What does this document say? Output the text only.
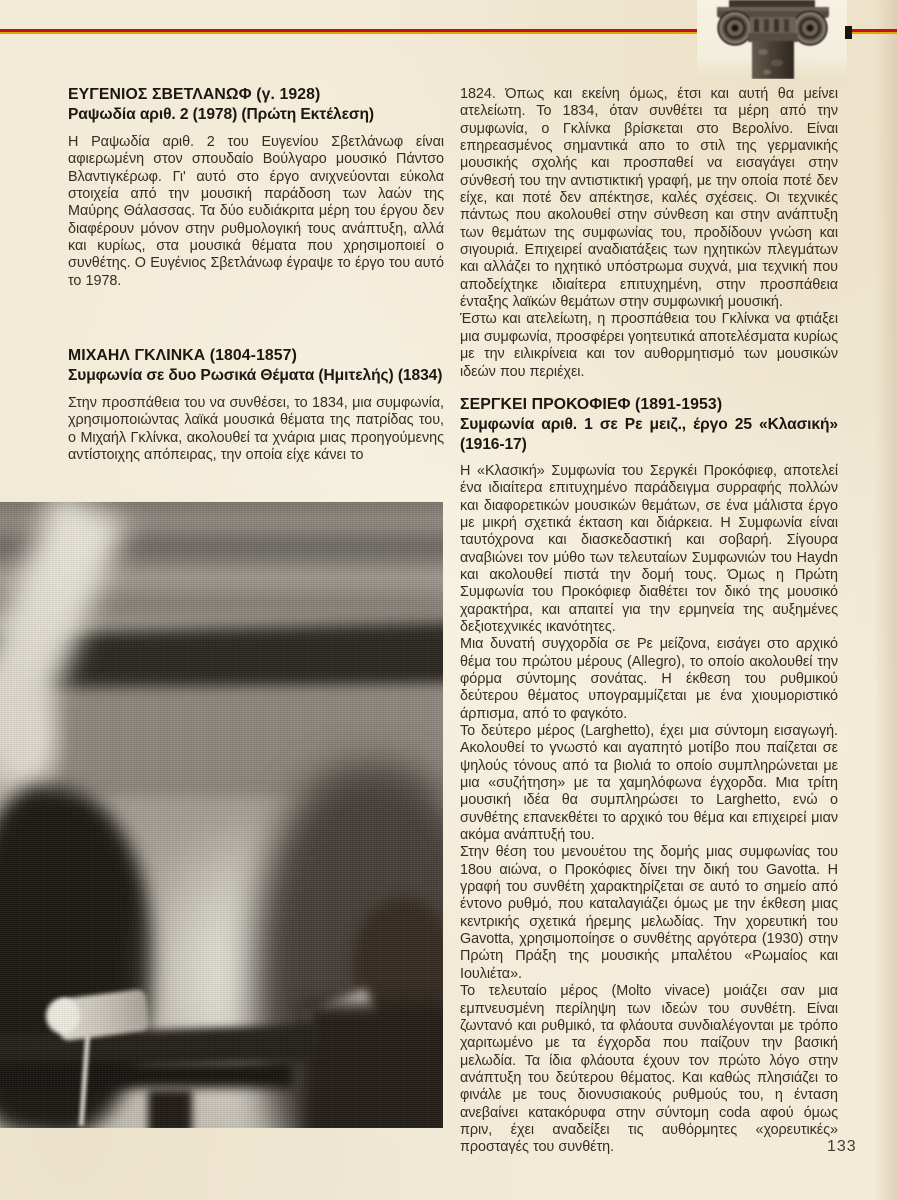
ΕΥΓΕΝΙΟΣ ΣΒΕΤΛΑΝΩΦ (γ. 1928)
Ραψωδία αριθ. 2 (1978) (Πρώτη Εκτέλεση)

Η Ραψωδία αριθ. 2 του Ευγενίου Σβετλάνωφ είναι αφιερωμένη στον σπουδαίο Βούλγαρο μουσικό Πάντσο Βλαντιγκέρωφ. Γι' αυτό στο έργο ανιχνεύονται εύκολα στοιχεία από την μουσική παράδοση των λαών της Μαύρης Θάλασσας. Τα δύο ευδιάκριτα μέρη του έργου δεν διαφέρουν μόνον στην ρυθμολογική τους ανάπτυξη, αλλά και κυρίως, στα μουσικά θέματα που χρησιμοποιεί ο συνθέτης. Ο Ευγένιος Σβετλάνωφ έγραψε το έργο του αυτό το 1978.

ΜΙΧΑΗΛ ΓΚΛΙΝΚΑ (1804-1857)
Συμφωνία σε δυο Ρωσικά Θέματα (Ημιτελής) (1834)

Στην προσπάθεια του να συνθέσει, το 1834, μια συμφωνία, χρησιμοποιώντας λαϊκά μουσικά θέματα της πατρίδας του, ο Μιχαήλ Γκλίνκα, ακολουθεί τα χνάρια μιας προηγούμενης αντίστοιχης απόπειρας, την οποία είχε κάνει το

1824. Όπως και εκείνη όμως, έτσι και αυτή θα μείνει ατελείωτη. Το 1834, όταν συνθέτει τα μέρη από την συμφωνία, ο Γκλίνκα βρίσκεται στο Βερολίνο. Είναι επηρεασμένος σημαντικά απο το στιλ της γερμανικής μουσικής σχολής και προσπαθεί να εισαγάγει στην σύνθεσή του την αντιστικτική γραφή, με την οποία ποτέ δεν είχε, και ποτέ δεν απέκτησε, καλές σχέσεις. Οι τεχνικές πάντως που ακολουθεί στην σύνθεση και στην ανάπτυξη των θεμάτων της συμφωνίας του, προδίδουν γνώση και σιγουριά. Επιχειρεί αναδιατάξεις των ηχητικών πλεγμάτων και αλλάζει το ηχητικό υπόστρωμα συχνά, μια τεχνική που αποδείχτηκε ιδιαίτερα επιτυχημένη, στην προσπάθεια ένταξης λαϊκών θεμάτων στην συμφωνική μουσική.

Έστω και ατελείωτη, η προσπάθεια του Γκλίνκα να φτιάξει μια συμφωνία, προσφέρει γοητευτικά αποτελέσματα κυρίως με την ειλικρίνεια και τον αυθορμητισμό των μουσικών ιδεών που περιέχει.

ΣΕΡΓΚΕΙ ΠΡΟΚΟΦΙΕΦ (1891-1953)
Συμφωνία αριθ. 1 σε Ρε μειζ., έργο 25 «Κλασική» (1916-17)

Η «Κλασική» Συμφωνία του Σεργκέι Προκόφιεφ, αποτελεί ένα ιδιαίτερα επιτυχημένο παράδειγμα συρραφής πολλών και διαφορετικών μουσικών θεμάτων, σε ένα μάλιστα έργο με μικρή σχετικά έκταση και διάρκεια. Η Συμφωνία είναι ταυτόχρονα και διασκεδαστική και σοβαρή. Σίγουρα αναβιώνει τον μύθο των τελευταίων Συμφωνιών του Haydn και ακολουθεί πιστά την δομή τους. Όμως η Πρώτη Συμφωνία του Προκόφιεφ διαθέτει τον δικό της μουσικό χαρακτήρα, και απαιτεί για την ερμηνεία της αυξημένες δεξιοτεχνικές ικανότητες.

Μια δυνατή συγχορδία σε Ρε μείζονα, εισάγει στο αρχικό θέμα του πρώτου μέρους (Allegro), το οποίο ακολουθεί την φόρμα σύντομης σονάτας. Η έκθεση του ρυθμικού δεύτερου θέματος υπογραμμίζεται με ένα χιουμοριστικό άρπισμα, από το φαγκότο.

Το δεύτερο μέρος (Larghetto), έχει μια σύντομη εισαγωγή. Ακολουθεί το γνωστό και αγαπητό μοτίβο που παίζεται σε ψηλούς τόνους από τα βιολιά το οποίο συμπληρώνεται με μια «συζήτηση» με τα χαμηλόφωνα έγχορδα. Μια τρίτη μουσική ιδέα θα συμπληρώσει το Larghetto, ενώ ο συνθέτης επανεκθέτει το αρχικό του θέμα και επιχειρεί μιαν ακόμα ανάπτυξή του.

Στην θέση του μενουέτου της δομής μιας συμφωνίας του 18ου αιώνα, ο Προκόφιες δίνει την δική του Gavotta. Η γραφή του συνθέτη χαρακτηρίζεται σε αυτό το σημείο από έντονο ρυθμό, που καταλαγιάζει όμως με την έκθεση μιας κεντρικής σχετικά ήρεμης μελωδίας. Την χορευτική του Gavotta, χρησιμοποίησε ο συνθέτης αργότερα (1930) στην Πρώτη Πράξη της μουσικής μπαλέτου «Ρωμαίος και Ιουλιέτα».

Το τελευταίο μέρος (Molto vivace) μοιάζει σαν μια εμπνευσμένη περίληψη των ιδεών του συνθέτη. Είναι ζωντανό και ρυθμικό, τα φλάουτα συνδιαλέγονται με τρόπο χαριτωμένο με τα έγχορδα που παίζουν την βασική μελωδία. Τα ίδια φλάουτα έχουν τον πρώτο λόγο στην ανάπτυξη του δεύτερου θέματος. Και καθώς πλησιάζει το φινάλε με τους διονυσιακούς ρυθμούς του, η ένταση ανεβαίνει κατακόρυφα στην σύντομη coda αφού όμως πριν, έχει αναδείξει τις αυθόρμητες «χορευτικές» προσταγές του συνθέτη.	133
